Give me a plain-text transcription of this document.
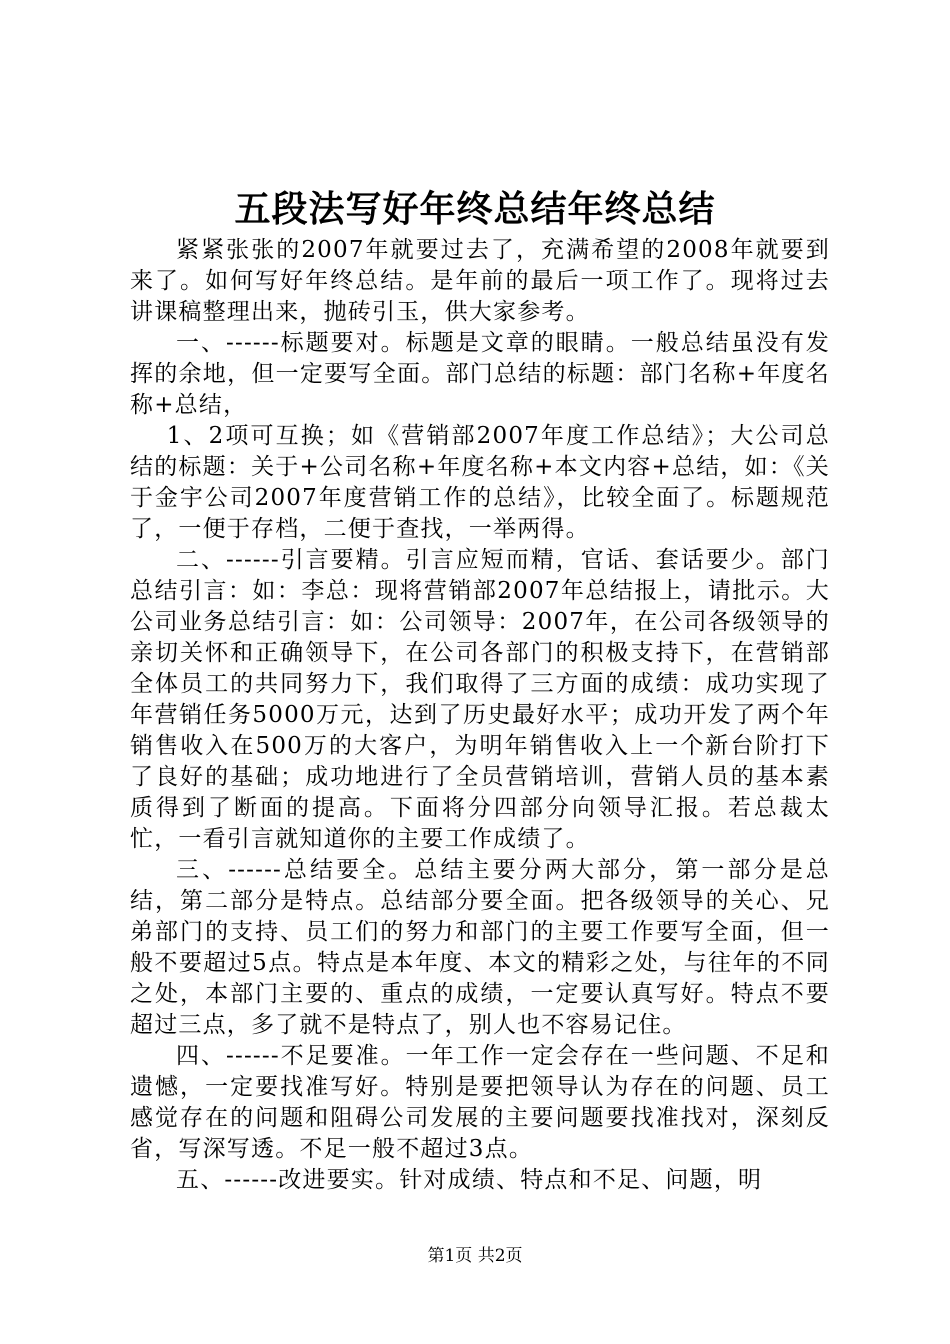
五段法写好年终总结年终总结

紧紧张张的2007年就要过去了，充满希望的2008年就要到来了。如何写好年终总结。是年前的最后一项工作了。现将过去讲课稿整理出来，抛砖引玉，供大家参考。

一、------标题要对。标题是文章的眼睛。一般总结虽没有发挥的余地，但一定要写全面。部门总结的标题：部门名称+年度名称+总结，

1、2项可互换；如《营销部2007年度工作总结》；大公司总结的标题：关于+公司名称+年度名称+本文内容+总结，如：《关于金宇公司2007年度营销工作的总结》，比较全面了。标题规范了，一便于存档，二便于查找，一举两得。

二、------引言要精。引言应短而精，官话、套话要少。部门总结引言：如：李总：现将营销部2007年总结报上，请批示。大公司业务总结引言：如：公司领导：2007年，在公司各级领导的亲切关怀和正确领导下，在公司各部门的积极支持下，在营销部全体员工的共同努力下，我们取得了三方面的成绩：成功实现了年营销任务5000万元，达到了历史最好水平；成功开发了两个年销售收入在500万的大客户，为明年销售收入上一个新台阶打下了良好的基础；成功地进行了全员营销培训，营销人员的基本素质得到了断面的提高。下面将分四部分向领导汇报。若总裁太忙，一看引言就知道你的主要工作成绩了。

三、------总结要全。总结主要分两大部分，第一部分是总结，第二部分是特点。总结部分要全面。把各级领导的关心、兄弟部门的支持、员工们的努力和部门的主要工作要写全面，但一般不要超过5点。特点是本年度、本文的精彩之处，与往年的不同之处，本部门主要的、重点的成绩，一定要认真写好。特点不要超过三点，多了就不是特点了，别人也不容易记住。

四、------不足要准。一年工作一定会存在一些问题、不足和遗憾，一定要找准写好。特别是要把领导认为存在的问题、员工感觉存在的问题和阻碍公司发展的主要问题要找准找对，深刻反省，写深写透。不足一般不超过3点。

五、------改进要实。针对成绩、特点和不足、问题，明

第1页 共2页
